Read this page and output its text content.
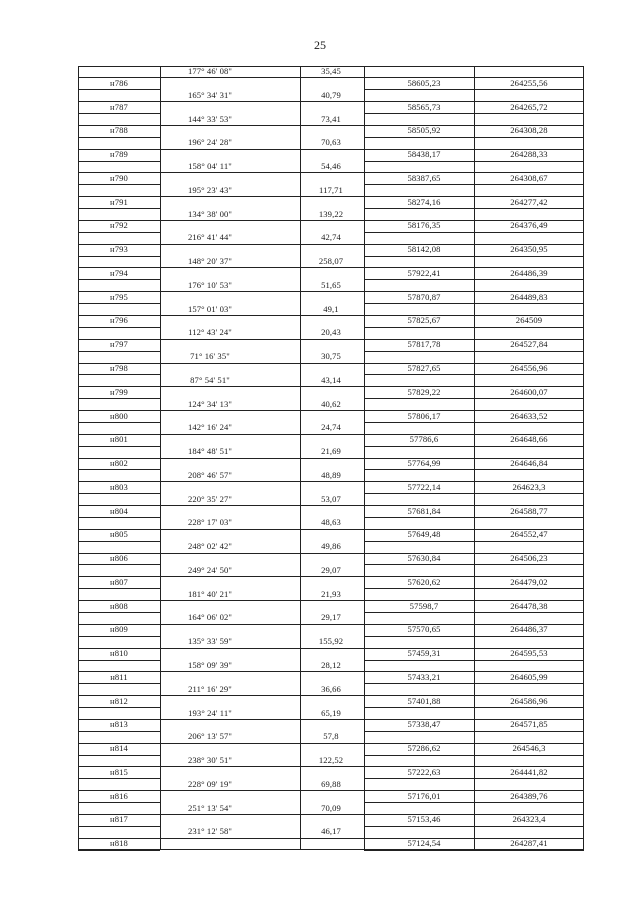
25
177° 46' 08"	35,45
165° 34' 31"	40,79
144° 33' 53"	73,41
196° 24' 28"	70,63
158° 04' 11"	54,46
195° 23' 43"	117,71
134° 38' 00"	139,22
216° 41' 44"	42,74
148° 20' 37"	258,07
176° 10' 53"	51,65
157° 01' 03"	49,1
112° 43' 24"	20,43
71° 16' 35"	30,75
87° 54' 51"	43,14
124° 34' 13"	40,62
142° 16' 24"	24,74
184° 48' 51"	21,69
208° 46' 57"	48,89
220° 35' 27"	53,07
228° 17' 03"	48,63
248° 02' 42"	49,86
249° 24' 50"	29,07
181° 40' 21"	21,93
164° 06' 02"	29,17
135° 33' 59"	155,92
158° 09' 39"	28,12
211° 16' 29"	36,66
193° 24' 11"	65,19
206° 13' 57"	57,8
238° 30' 51"	122,52
228° 09' 19"	69,88
251° 13' 54"	70,09
231° 12' 58"	46,17
н786	58605,23	264255,56
н787	58565,73	264265,72
н788	58505,92	264308,28
н789	58438,17	264288,33
н790	58387,65	264308,67
н791	58274,16	264277,42
н792	58176,35	264376,49
н793	58142,08	264350,95
н794	57922,41	264486,39
н795	57870,87	264489,83
н796	57825,67	264509
н797	57817,78	264527,84
н798	57827,65	264556,96
н799	57829,22	264600,07
н800	57806,17	264633,52
н801	57786,6	264648,66
н802	57764,99	264646,84
н803	57722,14	264623,3
н804	57681,84	264588,77
н805	57649,48	264552,47
н806	57630,84	264506,23
н807	57620,62	264479,02
н808	57598,7	264478,38
н809	57570,65	264486,37
н810	57459,31	264595,53
н811	57433,21	264605,99
н812	57401,88	264586,96
н813	57338,47	264571,85
н814	57286,62	264546,3
н815	57222,63	264441,82
н816	57176,01	264389,76
н817	57153,46	264323,4
н818	57124,54	264287,41
